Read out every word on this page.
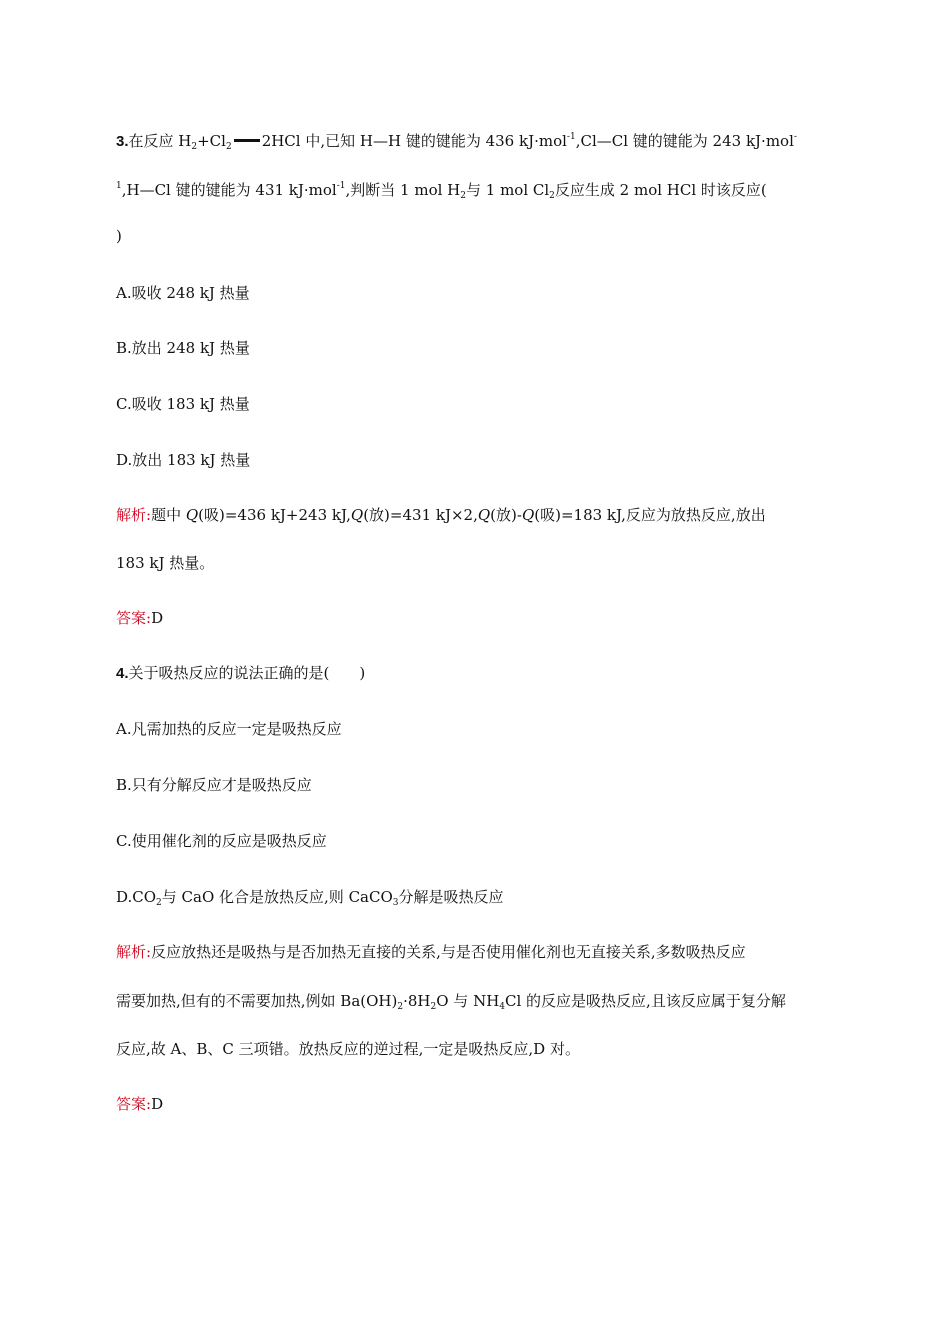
3.在反应 $H_2+Cl_2$ 2HCl 中,已知 H—H 键的键能为 436 kJ·mol$^{-1}$,Cl—Cl 键的键能为 243 kJ·mol-
$^1$,H—Cl 键的键能为 431 kJ·mol$^{-1}$,判断当 1 mol $H_2$与 1 mol $Cl_2$反应生成 2 mol HCl 时该反应(
)
A.吸收 248 kJ 热量
B.放出 248 kJ 热量
C.吸收 183 kJ 热量
D.放出 183 kJ 热量
解析:题中 Q(吸)=436 kJ+243 kJ,Q(放)=431 kJ×2,Q(放)-Q(吸)=183 kJ,反应为放热反应,放出
183 kJ 热量。
答案:D
4.关于吸热反应的说法正确的是(　　)
A.凡需加热的反应一定是吸热反应
B.只有分解反应才是吸热反应
C.使用催化剂的反应是吸热反应
$D.CO_2$与 CaO 化合是放热反应,则 CaCO$_3$分解是吸热反应
解析:反应放热还是吸热与是否加热无直接的关系,与是否使用催化剂也无直接关系,多数吸热反应
需要加热,但有的不需要加热,例如 $Ba(OH)_2\cdot 8H_2O$ 与 $NH_4Cl$ 的反应是吸热反应,且该反应属于复分解
反应,故 A、B、C 三项错。放热反应的逆过程,一定是吸热反应,D 对。
答案:D
